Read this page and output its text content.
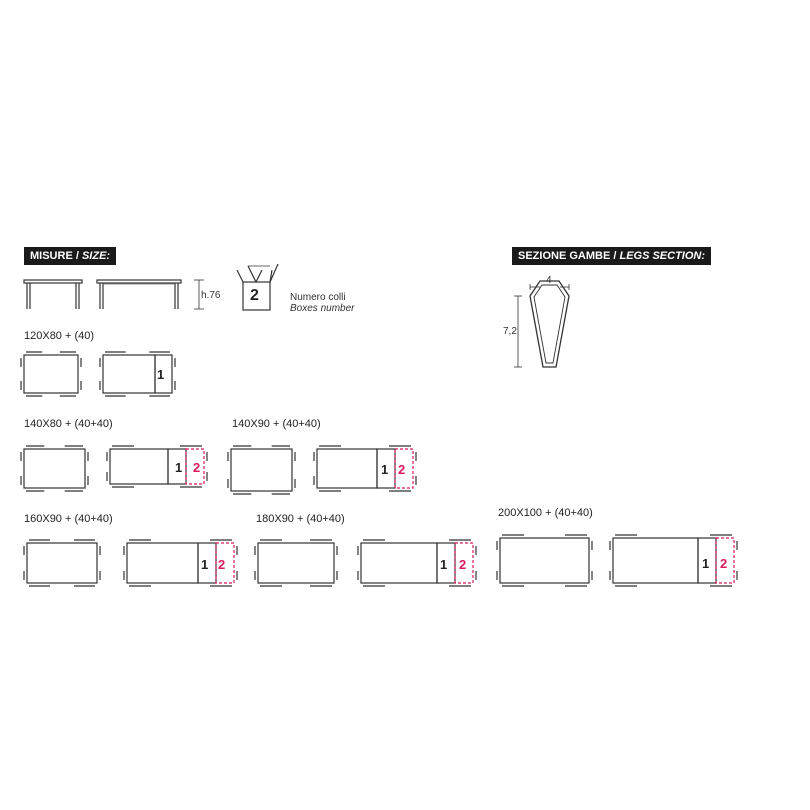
MISURE / SIZE:	SEZIONE GAMBE / LEGS SECTION:
h.76 2	Numero colli
Boxes number
4
7,2
120X80 + (40)
140X80 + (40+40)	140X90 + (40+40)
160X90 + (40+40)	180X90 + (40+40)	200X100 + (40+40)
1
1 2	1 2
1 2	1 2	1 2
